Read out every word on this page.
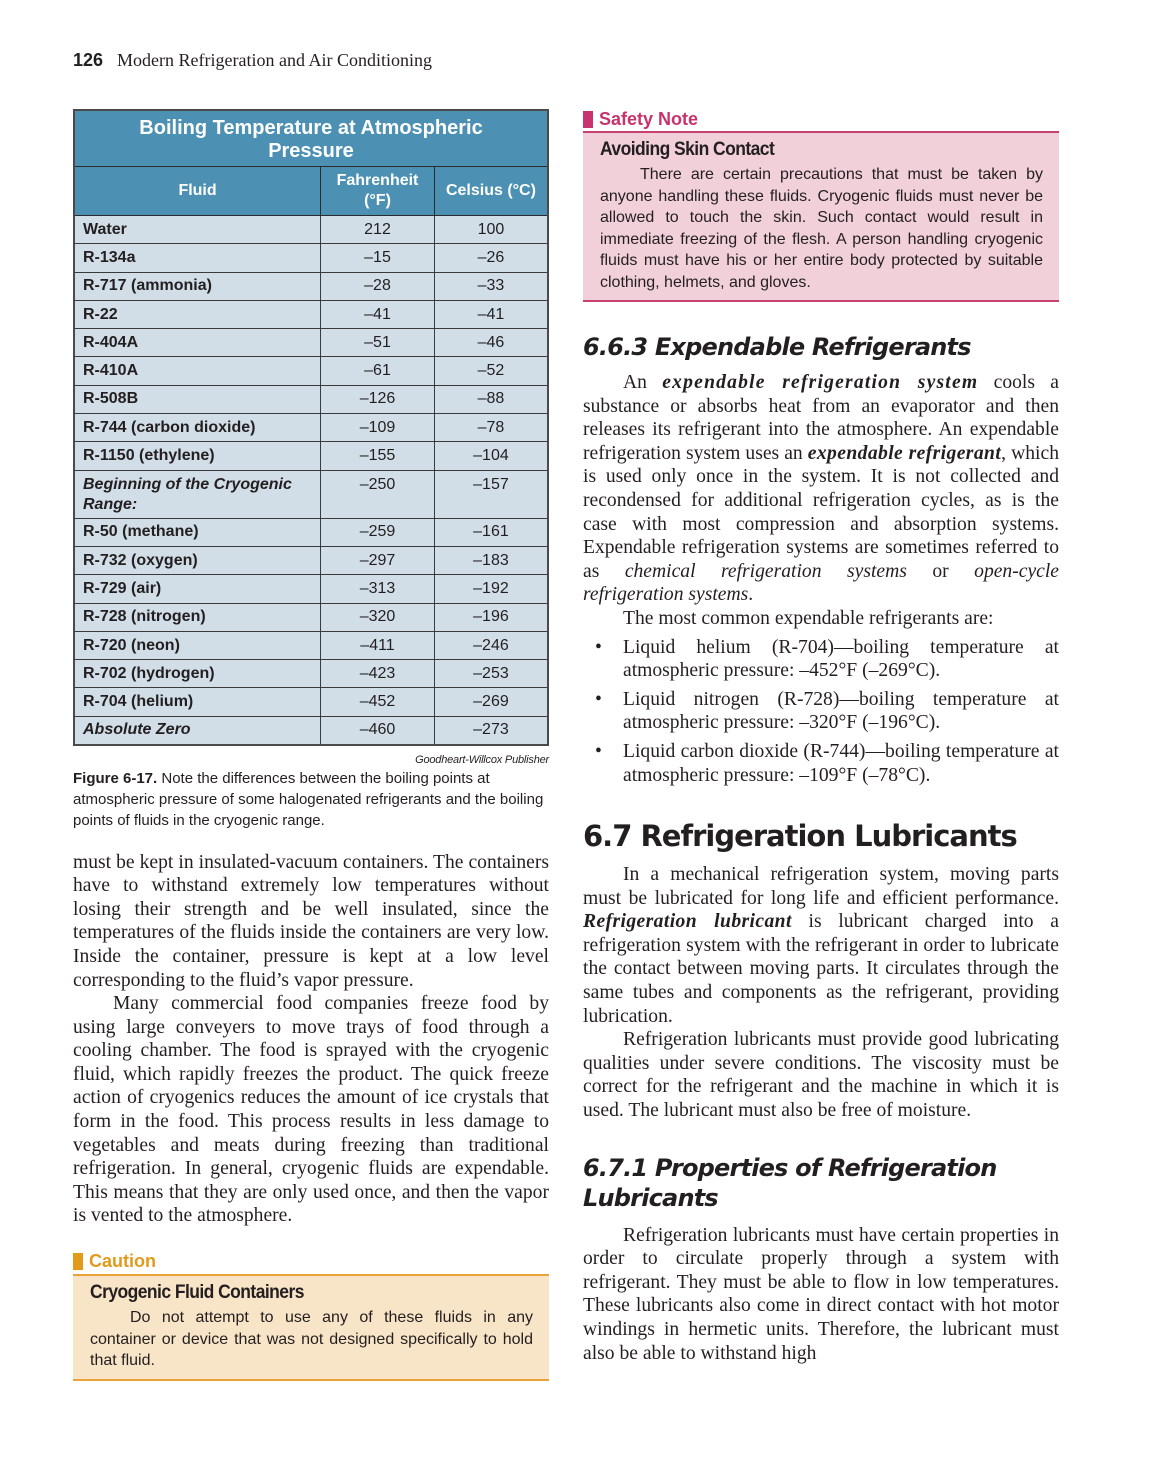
126 Modern Refrigeration and Air Conditioning
Boiling Temperature at Atmospheric Pressure		
Fluid	Fahrenheit (°F)	Celsius (°C)
Water	212	100
R-134a	–15	–26
R-717 (ammonia)	–28	–33
R-22	–41	–41
R-404A	–51	–46
R-410A	–61	–52
R-508B	–126	–88
R-744 (carbon dioxide)	–109	–78
R-1150 (ethylene)	–155	–104
Beginning of the Cryogenic Range:	–250	–157
R-50 (methane)	–259	–161
R-732 (oxygen)	–297	–183
R-729 (air)	–313	–192
R-728 (nitrogen)	–320	–196
R-720 (neon)	–411	–246
R-702 (hydrogen)	–423	–253
R-704 (helium)	–452	–269
Absolute Zero	–460	–273
Goodheart-Willcox Publisher
Figure 6-17. Note the differences between the boiling points at atmospheric pressure of some halogenated refrigerants and the boiling points of fluids in the cryogenic range.

must be kept in insulated-vacuum containers. The containers have to withstand extremely low temperatures without losing their strength and be well insulated, since the temperatures of the fluids inside the containers are very low. Inside the container, pressure is kept at a low level corresponding to the fluid’s vapor pressure.

Many commercial food companies freeze food by using large conveyers to move trays of food through a cooling chamber. The food is sprayed with the cryogenic fluid, which rapidly freezes the product. The quick freeze action of cryogenics reduces the amount of ice crystals that form in the food. This process results in less damage to vegetables and meats during freezing than traditional refrigeration. In general, cryogenic fluids are expendable. This means that they are only used once, and then the vapor is vented to the atmosphere.

Caution
Cryogenic Fluid Containers
Do not attempt to use any of these fluids in any container or device that was not designed specifically to hold that fluid.
Safety Note
Avoiding Skin Contact
There are certain precautions that must be taken by anyone handling these fluids. Cryogenic fluids must never be allowed to touch the skin. Such contact would result in immediate freezing of the flesh. A person handling cryogenic fluids must have his or her entire body protected by suitable clothing, helmets, and gloves.
6.6.3 Expendable Refrigerants

An expendable refrigeration system cools a substance or absorbs heat from an evaporator and then releases its refrigerant into the atmosphere. An expendable refrigeration system uses an expendable refrigerant, which is used only once in the system. It is not collected and recondensed for additional refrigeration cycles, as is the case with most compression and absorption systems. Expendable refrigeration systems are sometimes referred to as chemical refrigeration systems or open-cycle refrigeration systems.

The most common expendable refrigerants are:

• Liquid helium (R-704)—boiling temperature at atmospheric pressure: –452°F (–269°C).
• Liquid nitrogen (R-728)—boiling temperature at atmospheric pressure: –320°F (–196°C).
• Liquid carbon dioxide (R-744)—boiling temperature at atmospheric pressure: –109°F (–78°C).
6.7 Refrigeration Lubricants

In a mechanical refrigeration system, moving parts must be lubricated for long life and efficient performance. Refrigeration lubricant is lubricant charged into a refrigeration system with the refrigerant in order to lubricate the contact between moving parts. It circulates through the same tubes and components as the refrigerant, providing lubrication.

Refrigeration lubricants must provide good lubricating qualities under severe conditions. The viscosity must be correct for the refrigerant and the machine in which it is used. The lubricant must also be free of moisture.

6.7.1 Properties of Refrigeration Lubricants

Refrigeration lubricants must have certain properties in order to circulate properly through a system with refrigerant. They must be able to flow in low temperatures. These lubricants also come in direct contact with hot motor windings in hermetic units. Therefore, the lubricant must also be able to withstand high
